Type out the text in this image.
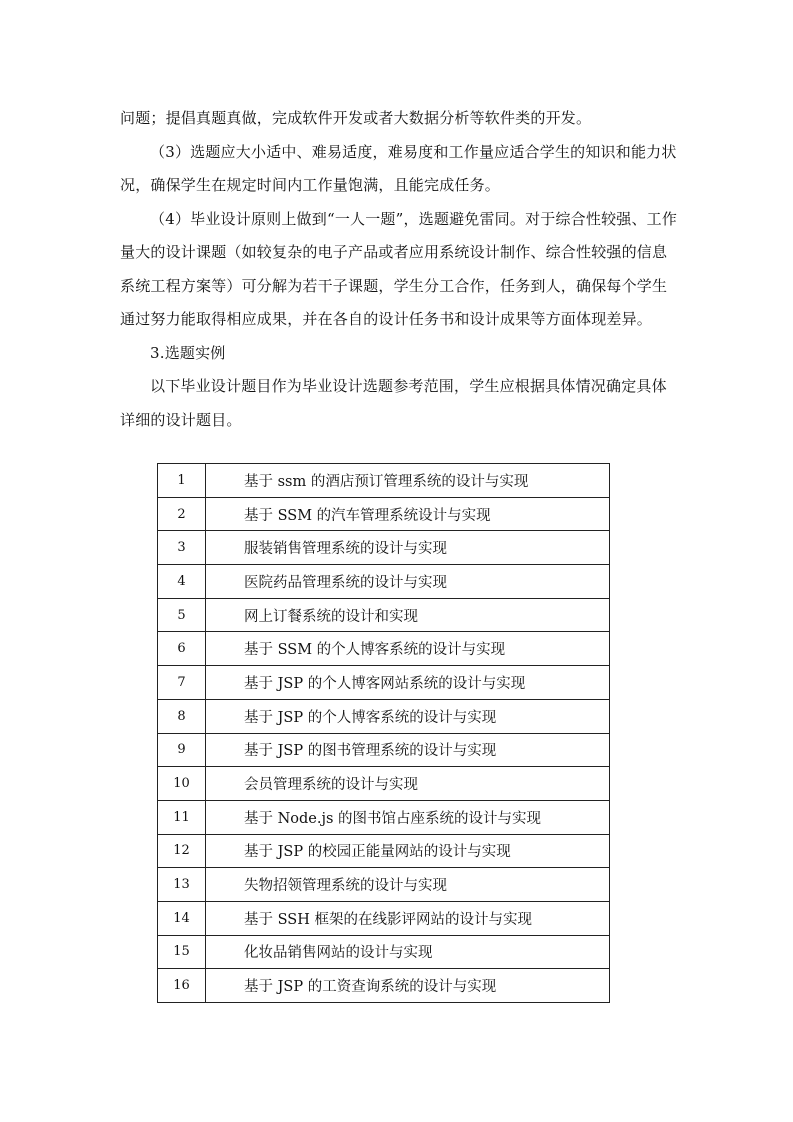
问题；提倡真题真做，完成软件开发或者大数据分析等软件类的开发。

（3）选题应大小适中、难易适度，难易度和工作量应适合学生的知识和能力状况，确保学生在规定时间内工作量饱满，且能完成任务。

（4）毕业设计原则上做到“一人一题”，选题避免雷同。对于综合性较强、工作量大的设计课题（如较复杂的电子产品或者应用系统设计制作、综合性较强的信息系统工程方案等）可分解为若干子课题，学生分工合作，任务到人，确保每个学生通过努力能取得相应成果，并在各自的设计任务书和设计成果等方面体现差异。

3.选题实例

以下毕业设计题目作为毕业设计选题参考范围，学生应根据具体情况确定具体详细的设计题目。

1	基于 ssm 的酒店预订管理系统的设计与实现
2	基于 SSM 的汽车管理系统设计与实现
3	服装销售管理系统的设计与实现
4	医院药品管理系统的设计与实现
5	网上订餐系统的设计和实现
6	基于 SSM 的个人博客系统的设计与实现
7	基于 JSP 的个人博客网站系统的设计与实现
8	基于 JSP 的个人博客系统的设计与实现
9	基于 JSP 的图书管理系统的设计与实现
10	会员管理系统的设计与实现
11	基于 Node.js 的图书馆占座系统的设计与实现
12	基于 JSP 的校园正能量网站的设计与实现
13	失物招领管理系统的设计与实现
14	基于 SSH 框架的在线影评网站的设计与实现
15	化妆品销售网站的设计与实现
16	基于 JSP 的工资查询系统的设计与实现
